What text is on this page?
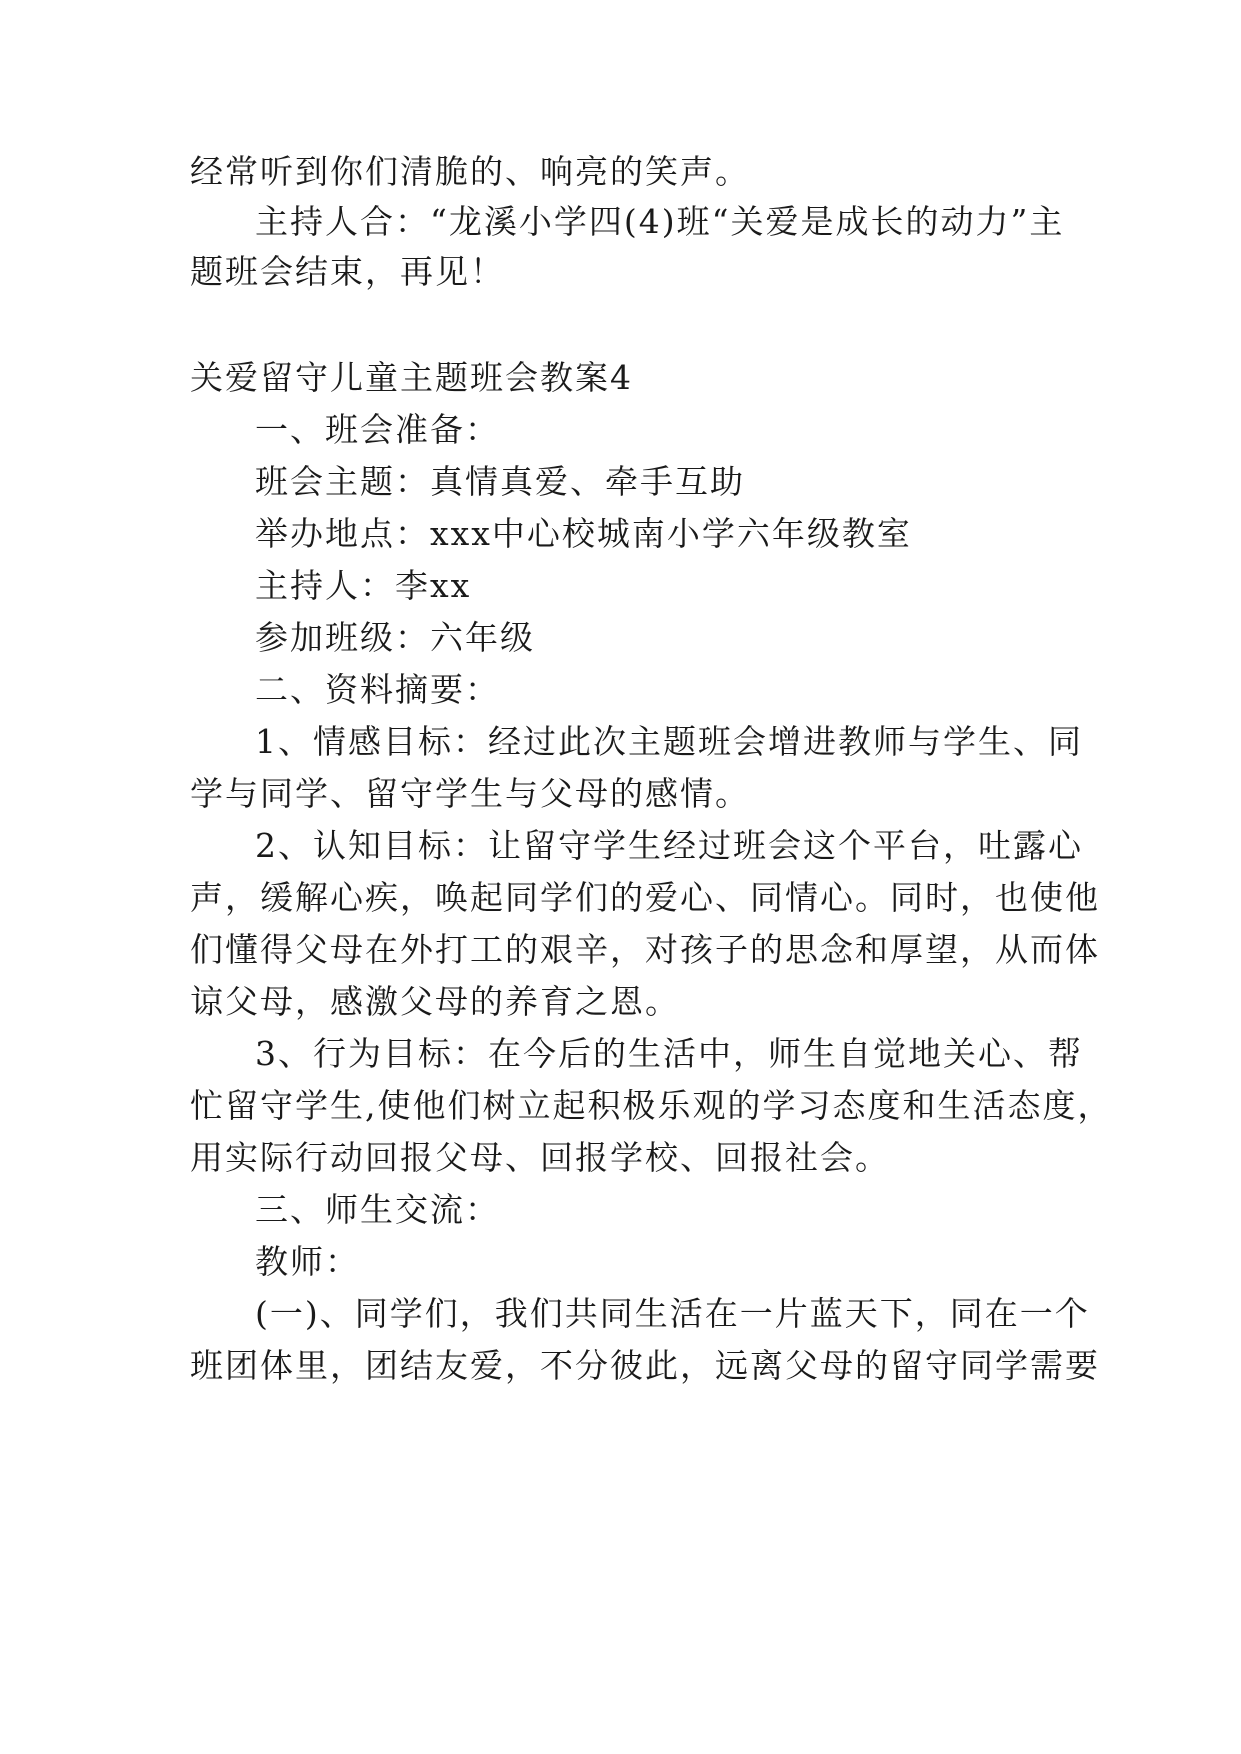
经常听到你们清脆的、响亮的笑声。
主持人合：“龙溪小学四(4)班“关爱是成长的动力”主
题班会结束，再见！
关爱留守儿童主题班会教案4
一、班会准备：
班会主题：真情真爱、牵手互助
举办地点：xxx中心校城南小学六年级教室
主持人：李xx
参加班级：六年级
二、资料摘要：
1、情感目标：经过此次主题班会增进教师与学生、同
学与同学、留守学生与父母的感情。
2、认知目标：让留守学生经过班会这个平台，吐露心
声，缓解心疾，唤起同学们的爱心、同情心。同时，也使他
们懂得父母在外打工的艰辛，对孩子的思念和厚望，从而体
谅父母，感激父母的养育之恩。
3、行为目标：在今后的生活中，师生自觉地关心、帮
忙留守学生,使他们树立起积极乐观的学习态度和生活态度，
用实际行动回报父母、回报学校、回报社会。
三、师生交流：
教师：
(一)、同学们，我们共同生活在一片蓝天下，同在一个
班团体里，团结友爱，不分彼此，远离父母的留守同学需要
